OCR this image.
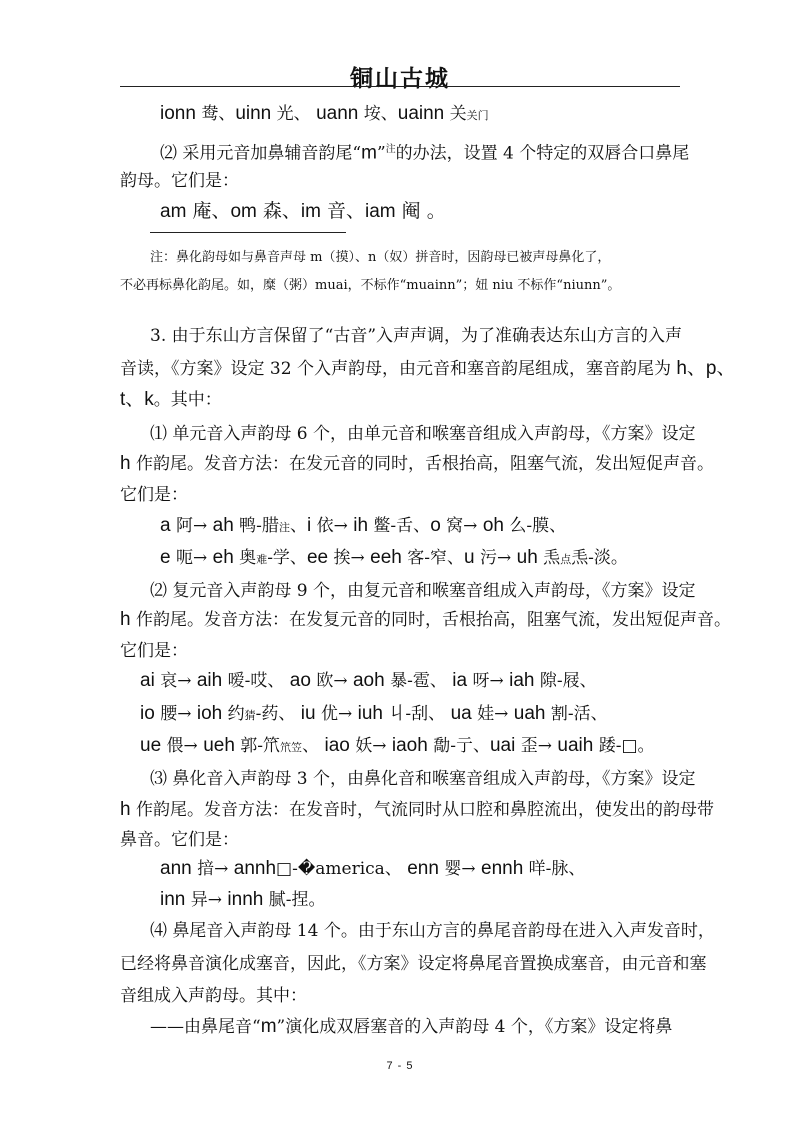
铜山古城
ionn 鸯、uinn 光、 uann 垵、uainn 关关门
⑵ 采用元音加鼻辅音韵尾“m”$^注$的办法，设置 4 个特定的双唇合口鼻尾
韵母。它们是：
am 庵、om 森、im 音、iam 阉 。
注：鼻化韵母如与鼻音声母 m（摸）、n（奴）拼音时，因韵母已被声母鼻化了，
不必再标鼻化韵尾。如，糜（粥）muai，不标作“muainn”；妞 niu 不标作“niunn”。
3. 由于东山方言保留了“古音”入声声调，为了准确表达东山方言的入声
音读，《方案》设定 32 个入声韵母，由元音和塞音韵尾组成，塞音韵尾为 h、p、
t、k。其中：
⑴ 单元音入声韵母 6 个，由单元音和喉塞音组成入声韵母，《方案》设定
h 作韵尾。发音方法：在发元音的同时，舌根抬高，阻塞气流，发出短促声音。
它们是：
a 阿→ ah 鸭-腊注、i 依→ ih 鳖-舌、o 窝→ oh 么-膜、
e 呃→ eh 奥难-学、ee 挨→ eeh 客-窄、u 污→ uh 𤆬点𤆬-淡。
⑵ 复元音入声韵母 9 个，由复元音和喉塞音组成入声韵母，《方案》设定
h 作韵尾。发音方法：在发复元音的同时，舌根抬高，阻塞气流，发出短促声音。
它们是：
ai 哀→ aih 嗳-哎、 ao 欧→ aoh 暴-雹、 ia 呀→ iah 隙-屐、
io 腰→ ioh 约猜-药、 iu 优→ iuh 丩-刮、 ua 娃→ uah 割-活、
ue 偎→ ueh 郭-笊笊笠、 iao 妖→ iaoh 勪-亍、uai 歪→ uaih 踒-□。
⑶ 鼻化音入声韵母 3 个，由鼻化音和喉塞音组成入声韵母，《方案》设定
h 作韵尾。发音方法：在发音时，气流同时从口腔和鼻腔流出，使发出的韵母带
鼻音。它们是：
ann 揞→ annh□-�america、 enn 婴→ ennh 咩-脉、
inn 异→ innh 腻-捏。
⑷ 鼻尾音入声韵母 14 个。由于东山方言的鼻尾音韵母在进入入声发音时，
已经将鼻音演化成塞音，因此，《方案》设定将鼻尾音置换成塞音，由元音和塞
音组成入声韵母。其中：
——由鼻尾音“m”演化成双唇塞音的入声韵母 4 个，《方案》设定将鼻
7 - 5
